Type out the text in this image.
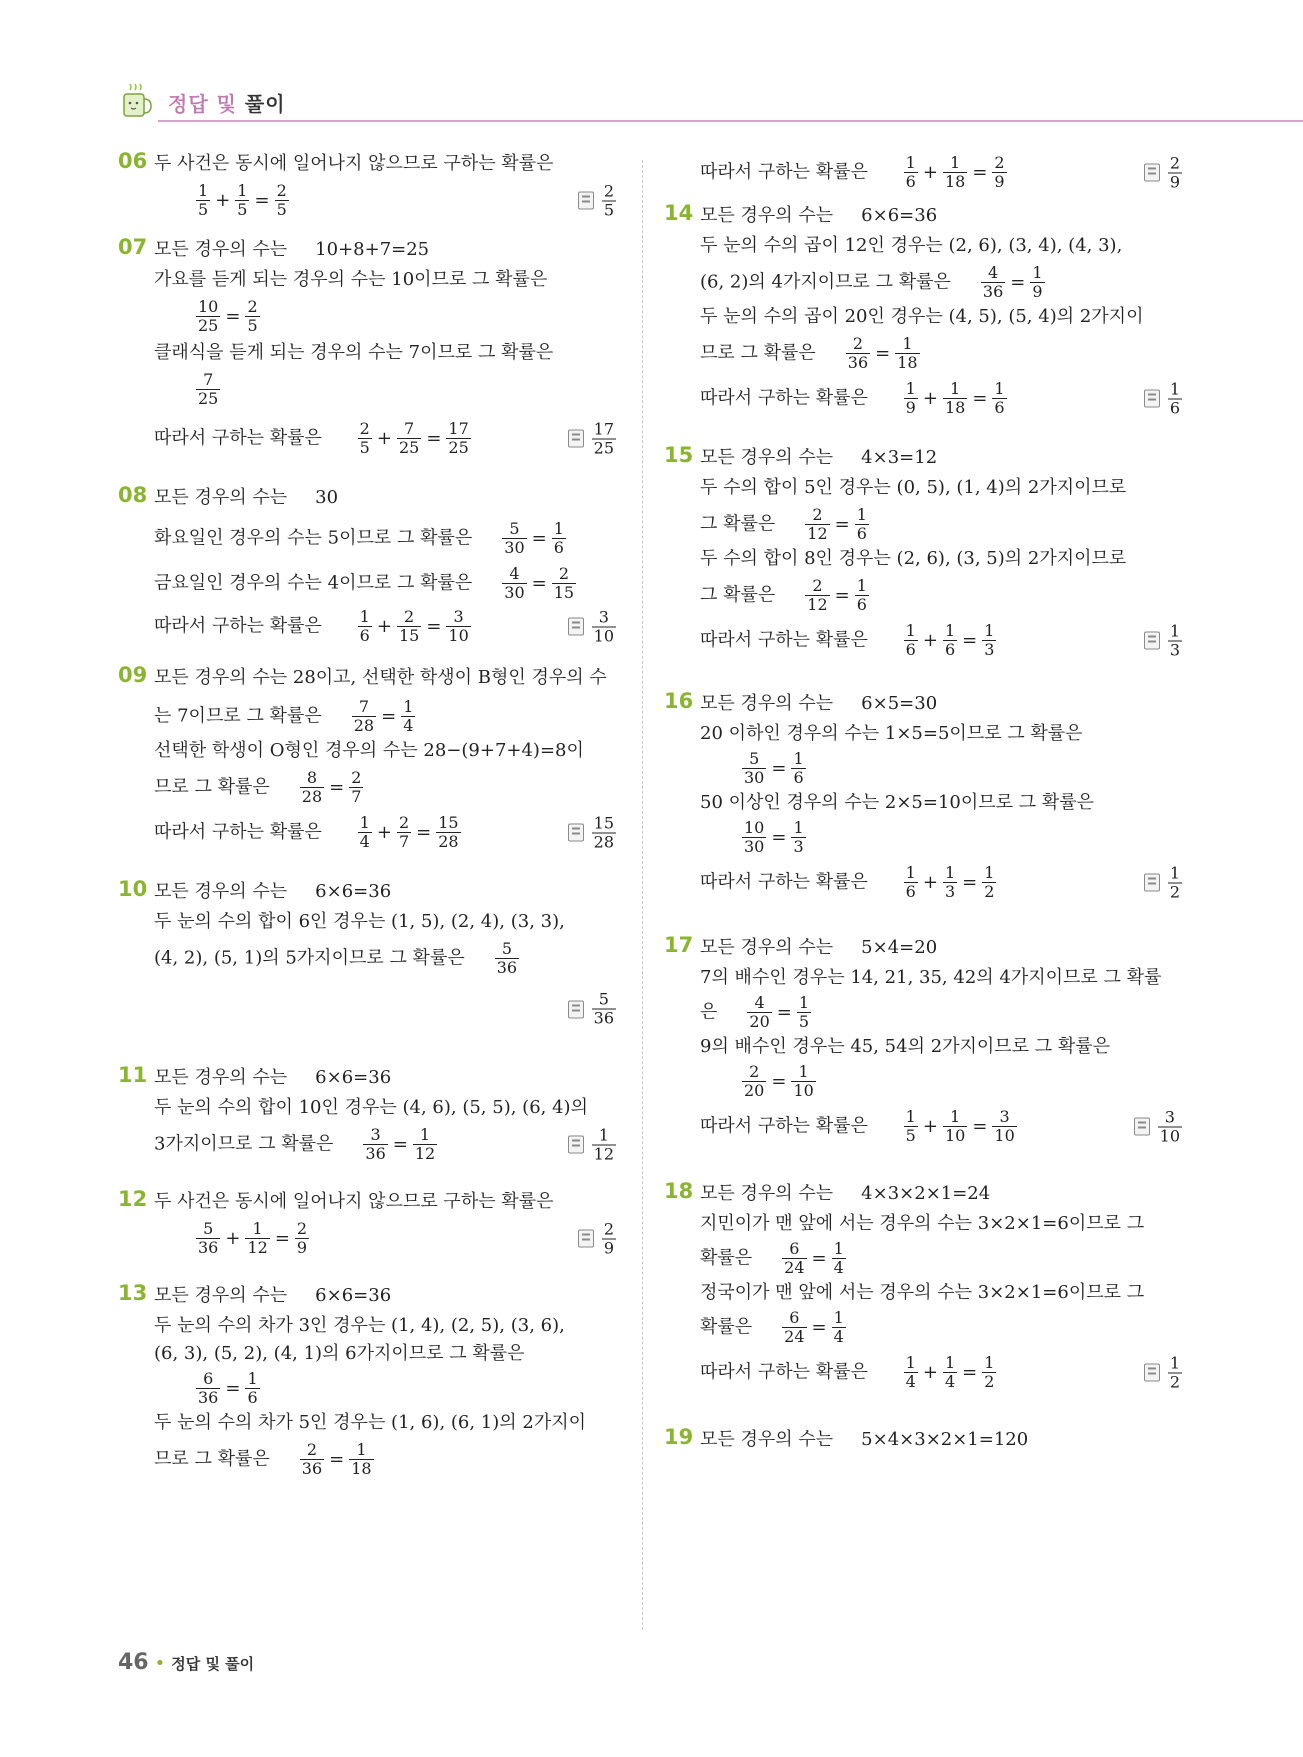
정답 및 풀이
06 두 사건은 동시에 일어나지 않으므로 구하는 확률은
$\frac{1}{5} + \frac{1}{5} = \frac{2}{5}$	$\frac{2}{5}$
07 모든 경우의 수는 10+8+7=25
가요를 듣게 되는 경우의 수는 10이므로 그 확률은
$\frac{10}{25} = \frac{2}{5}$
클래식을 듣게 되는 경우의 수는 7이므로 그 확률은
$\frac{7}{25}$
따라서 구하는 확률은 $\frac{2}{5} + \frac{7}{25} = \frac{17}{25}$	$\frac{17}{25}$
08 모든 경우의 수는 30
화요일인 경우의 수는 5이므로 그 확률은 $\frac{5}{30} = \frac{1}{6}$
금요일인 경우의 수는 4이므로 그 확률은 $\frac{4}{30} = \frac{2}{15}$
따라서 구하는 확률은 $\frac{1}{6} + \frac{2}{15} = \frac{3}{10}$	$\frac{3}{10}$
09 모든 경우의 수는 28이고, 선택한 학생이 B형인 경우의 수
는 7이므로 그 확률은 $\frac{7}{28} = \frac{1}{4}$
선택한 학생이 O형인 경우의 수는 28−(9+7+4)=8이
므로 그 확률은 $\frac{8}{28} = \frac{2}{7}$
따라서 구하는 확률은 $\frac{1}{4} + \frac{2}{7} = \frac{15}{28}$	$\frac{15}{28}$
10 모든 경우의 수는 6×6=36
두 눈의 수의 합이 6인 경우는 (1, 5), (2, 4), (3, 3),
(4, 2), (5, 1)의 5가지이므로 그 확률은 $\frac{5}{36}$
$\frac{5}{36}$
11 모든 경우의 수는 6×6=36
두 눈의 수의 합이 10인 경우는 (4, 6), (5, 5), (6, 4)의
3가지이므로 그 확률은 $\frac{3}{36} = \frac{1}{12}$	$\frac{1}{12}$
12 두 사건은 동시에 일어나지 않으므로 구하는 확률은
$\frac{5}{36} + \frac{1}{12} = \frac{2}{9}$	$\frac{2}{9}$
13 모든 경우의 수는 6×6=36
두 눈의 수의 차가 3인 경우는 (1, 4), (2, 5), (3, 6),
(6, 3), (5, 2), (4, 1)의 6가지이므로 그 확률은
$\frac{6}{36} = \frac{1}{6}$
두 눈의 수의 차가 5인 경우는 (1, 6), (6, 1)의 2가지이
므로 그 확률은 $\frac{2}{36} = \frac{1}{18}$
따라서 구하는 확률은 $\frac{1}{6} + \frac{1}{18} = \frac{2}{9}$	$\frac{2}{9}$
14 모든 경우의 수는 6×6=36
두 눈의 수의 곱이 12인 경우는 (2, 6), (3, 4), (4, 3),
(6, 2)의 4가지이므로 그 확률은 $\frac{4}{36} = \frac{1}{9}$
두 눈의 수의 곱이 20인 경우는 (4, 5), (5, 4)의 2가지이
므로 그 확률은 $\frac{2}{36} = \frac{1}{18}$
따라서 구하는 확률은 $\frac{1}{9} + \frac{1}{18} = \frac{1}{6}$	$\frac{1}{6}$
15 모든 경우의 수는 4×3=12
두 수의 합이 5인 경우는 (0, 5), (1, 4)의 2가지이므로
그 확률은 $\frac{2}{12} = \frac{1}{6}$
두 수의 합이 8인 경우는 (2, 6), (3, 5)의 2가지이므로
그 확률은 $\frac{2}{12} = \frac{1}{6}$
따라서 구하는 확률은 $\frac{1}{6} + \frac{1}{6} = \frac{1}{3}$	$\frac{1}{3}$
16 모든 경우의 수는 6×5=30
20 이하인 경우의 수는 1×5=5이므로 그 확률은
$\frac{5}{30} = \frac{1}{6}$
50 이상인 경우의 수는 2×5=10이므로 그 확률은
$\frac{10}{30} = \frac{1}{3}$
따라서 구하는 확률은 $\frac{1}{6} + \frac{1}{3} = \frac{1}{2}$	$\frac{1}{2}$
17 모든 경우의 수는 5×4=20
7의 배수인 경우는 14, 21, 35, 42의 4가지이므로 그 확률
은 $\frac{4}{20} = \frac{1}{5}$
9의 배수인 경우는 45, 54의 2가지이므로 그 확률은
$\frac{2}{20} = \frac{1}{10}$
따라서 구하는 확률은 $\frac{1}{5} + \frac{1}{10} = \frac{3}{10}$	$\frac{3}{10}$
18 모든 경우의 수는 4×3×2×1=24
지민이가 맨 앞에 서는 경우의 수는 3×2×1=6이므로 그
확률은 $\frac{6}{24} = \frac{1}{4}$
정국이가 맨 앞에 서는 경우의 수는 3×2×1=6이므로 그
확률은 $\frac{6}{24} = \frac{1}{4}$
따라서 구하는 확률은 $\frac{1}{4} + \frac{1}{4} = \frac{1}{2}$	$\frac{1}{2}$
19 모든 경우의 수는 5×4×3×2×1=120
46 • 정답 및 풀이
